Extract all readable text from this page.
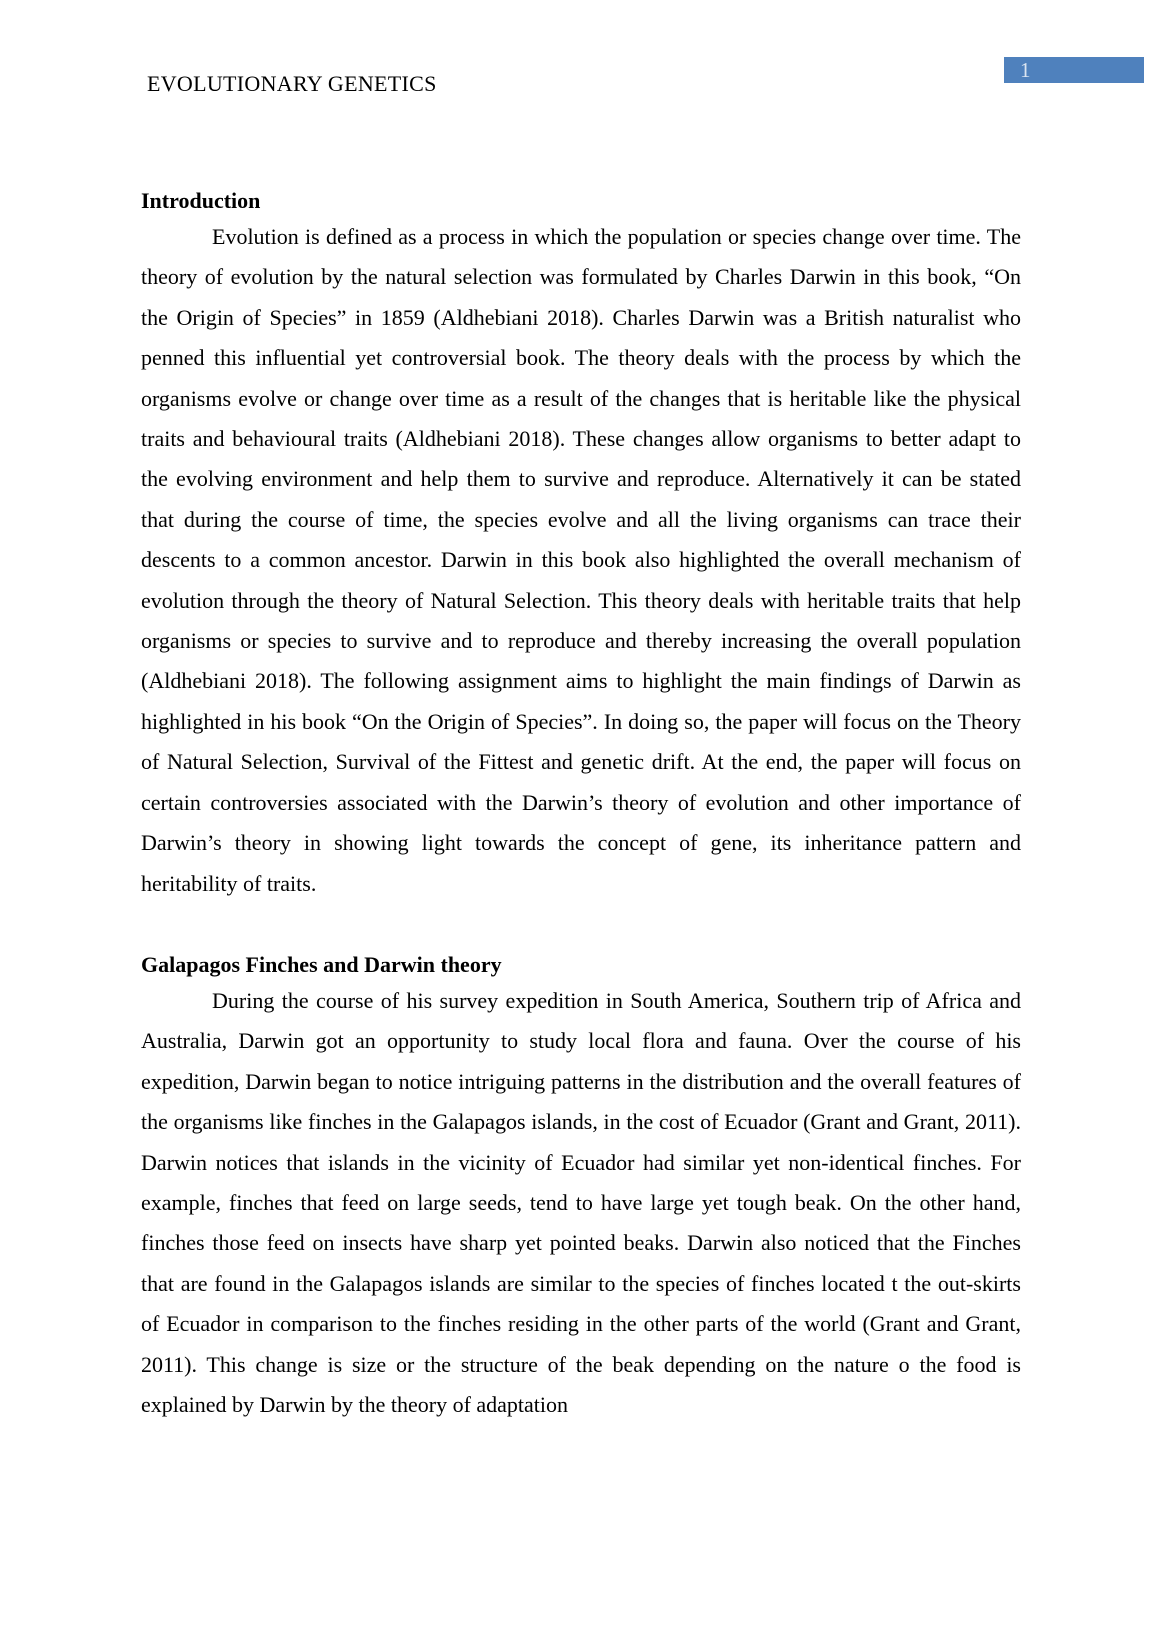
EVOLUTIONARY GENETICS
1
Introduction

Evolution is defined as a process in which the population or species change over time. The theory of evolution by the natural selection was formulated by Charles Darwin in this book, “On the Origin of Species” in 1859 (Aldhebiani 2018). Charles Darwin was a British naturalist who penned this influential yet controversial book. The theory deals with the process by which the organisms evolve or change over time as a result of the changes that is heritable like the physical traits and behavioural traits (Aldhebiani 2018). These changes allow organisms to better adapt to the evolving environment and help them to survive and reproduce. Alternatively it can be stated that during the course of time, the species evolve and all the living organisms can trace their descents to a common ancestor. Darwin in this book also highlighted the overall mechanism of evolution through the theory of Natural Selection. This theory deals with heritable traits that help organisms or species to survive and to reproduce and thereby increasing the overall population (Aldhebiani 2018). The following assignment aims to highlight the main findings of Darwin as highlighted in his book “On the Origin of Species”. In doing so, the paper will focus on the Theory of Natural Selection, Survival of the Fittest and genetic drift. At the end, the paper will focus on certain controversies associated with the Darwin’s theory of evolution and other importance of Darwin’s theory in showing light towards the concept of gene, its inheritance pattern and heritability of traits.

Galapagos Finches and Darwin theory

During the course of his survey expedition in South America, Southern trip of Africa and Australia, Darwin got an opportunity to study local flora and fauna. Over the course of his expedition, Darwin began to notice intriguing patterns in the distribution and the overall features of the organisms like finches in the Galapagos islands, in the cost of Ecuador (Grant and Grant, 2011). Darwin notices that islands in the vicinity of Ecuador had similar yet non-identical finches. For example, finches that feed on large seeds, tend to have large yet tough beak. On the other hand, finches those feed on insects have sharp yet pointed beaks. Darwin also noticed that the Finches that are found in the Galapagos islands are similar to the species of finches located t the out-skirts of Ecuador in comparison to the finches residing in the other parts of the world (Grant and Grant, 2011). This change is size or the structure of the beak depending on the nature o the food is explained by Darwin by the theory of adaptation
